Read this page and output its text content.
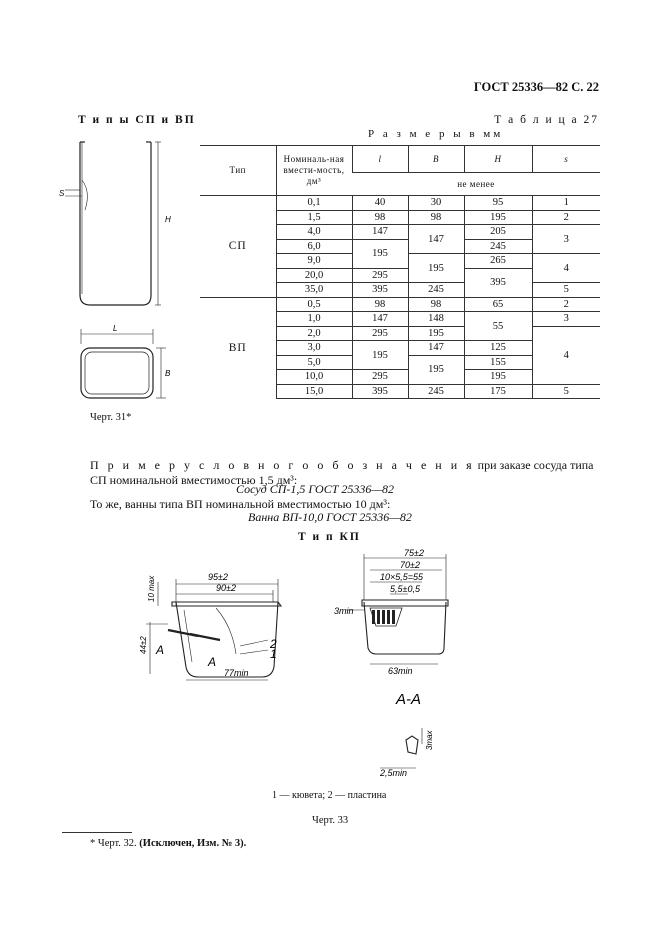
ГОСТ 25336—82 С. 22
Т и п ы СП и ВП	Т а б л и ц а 27
Р а з м е р ы в мм
S
H
L
B
Тип	Номиналь-ная вмести-мость, дм³	l	B	H	s
		не менее			
СП	0,1	40	30	95	1
	1,5	98	98	195	2
	4,0	147	147	205	3
	6,0	195		245	
	9,0		195	265	4
	20,0	295		395	
	35,0	395	245		5
ВП	0,5	98	98	65	2
	1,0	147	148	55	3
	2,0	295	195		4
	3,0	195	147	125	
	5,0		195	155	
	10,0	295		195	
	15,0	395	245	175	5
Черт. 31*
П р и м е р у с л о в н о г о о б о з н а ч е н и я при заказе сосуда типа СП номинальной вместимостью 1,5 дм³:
Сосуд СП-1,5 ГОСТ 25336—82
То же, ванны типа ВП номинальной вместимостью 10 дм³:
Ванна ВП-10,0 ГОСТ 25336—82
Т и п КП
95±2
90±2
10 max
44±2
77min
A
A
2
1
75±2
70±2
10×5,5=55
5,5±0,5
3min
63min
A-A
3max
2,5min
1 — кювета; 2 — пластина
Черт. 33
* Черт. 32. (Исключен, Изм. № 3).
